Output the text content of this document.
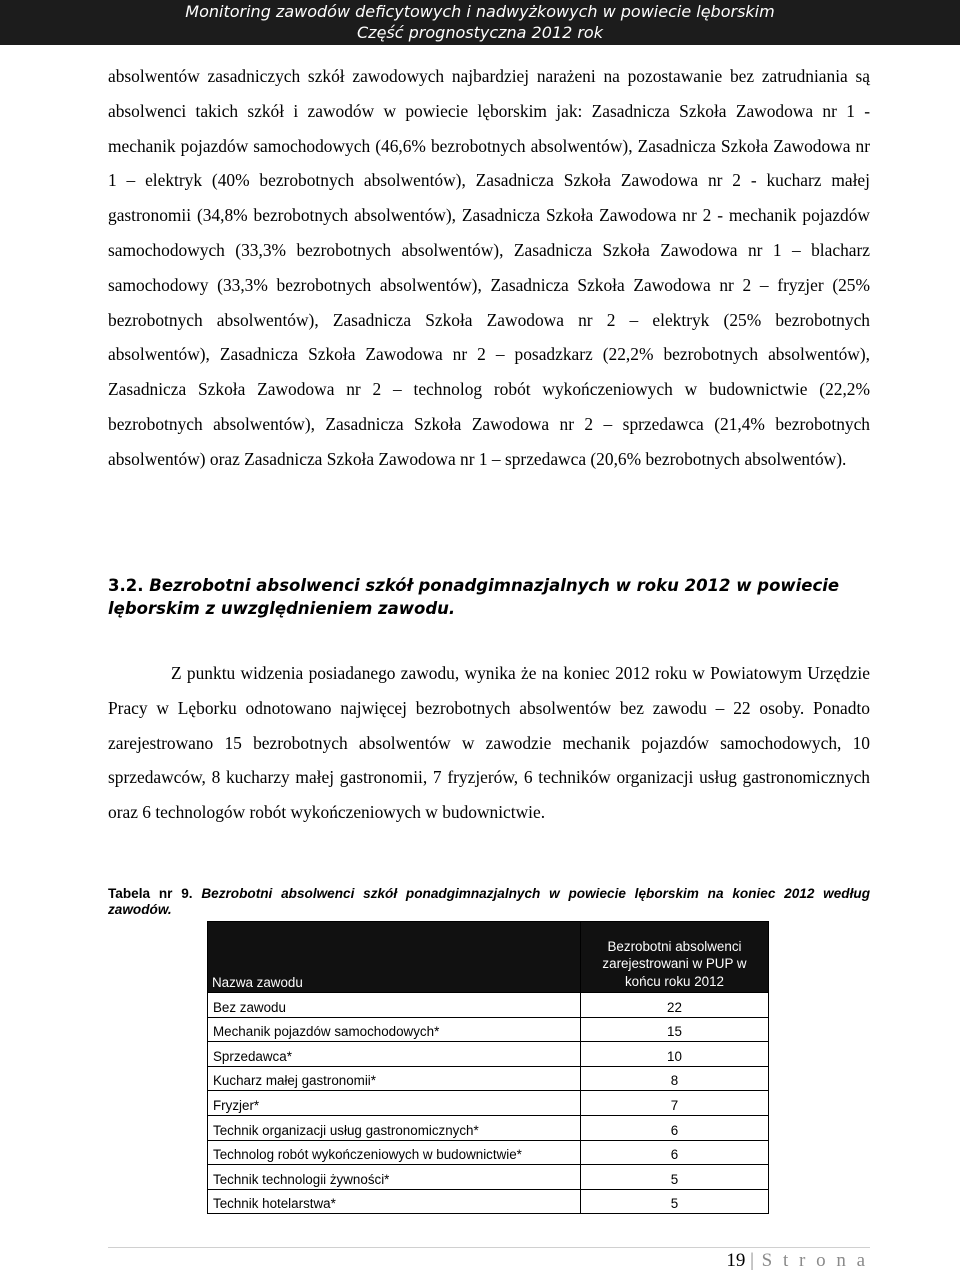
Monitoring zawodów deficytowych i nadwyżkowych w powiecie lęborskim
Część prognostyczna 2012 rok
absolwentów zasadniczych szkół zawodowych najbardziej narażeni na pozostawanie bez zatrudniania są absolwenci takich szkół i zawodów w powiecie lęborskim jak: Zasadnicza Szkoła Zawodowa nr 1 - mechanik pojazdów samochodowych (46,6% bezrobotnych absolwentów), Zasadnicza Szkoła Zawodowa nr 1 – elektryk (40% bezrobotnych absolwentów), Zasadnicza Szkoła Zawodowa nr 2 - kucharz małej gastronomii (34,8% bezrobotnych absolwentów), Zasadnicza Szkoła Zawodowa nr 2 - mechanik pojazdów samochodowych (33,3% bezrobotnych absolwentów), Zasadnicza Szkoła Zawodowa nr 1 – blacharz samochodowy (33,3% bezrobotnych absolwentów), Zasadnicza Szkoła Zawodowa nr 2 – fryzjer (25% bezrobotnych absolwentów), Zasadnicza Szkoła Zawodowa nr 2 – elektryk (25% bezrobotnych absolwentów), Zasadnicza Szkoła Zawodowa nr 2 – posadzkarz (22,2% bezrobotnych absolwentów), Zasadnicza Szkoła Zawodowa nr 2 – technolog robót wykończeniowych w budownictwie (22,2% bezrobotnych absolwentów), Zasadnicza Szkoła Zawodowa nr 2 – sprzedawca (21,4% bezrobotnych absolwentów) oraz Zasadnicza Szkoła Zawodowa nr 1 – sprzedawca (20,6% bezrobotnych absolwentów).
3.2. Bezrobotni absolwenci szkół ponadgimnazjalnych w roku 2012 w powiecie lęborskim z uwzględnieniem zawodu.
Z punktu widzenia posiadanego zawodu, wynika że na koniec 2012 roku w Powiatowym Urzędzie Pracy w Lęborku odnotowano najwięcej bezrobotnych absolwentów bez zawodu – 22 osoby. Ponadto zarejestrowano 15 bezrobotnych absolwentów w zawodzie mechanik pojazdów samochodowych, 10 sprzedawców, 8 kucharzy małej gastronomii, 7 fryzjerów, 6 techników organizacji usług gastronomicznych oraz 6 technologów robót wykończeniowych w budownictwie.
Tabela nr 9. Bezrobotni absolwenci szkół ponadgimnazjalnych w powiecie lęborskim na koniec 2012 według zawodów.
Nazwa zawodu	Bezrobotni absolwenci zarejestrowani w PUP w końcu roku 2012
Bez zawodu	22
Mechanik pojazdów samochodowych*	15
Sprzedawca*	10
Kucharz małej gastronomii*	8
Fryzjer*	7
Technik organizacji usług gastronomicznych*	6
Technolog robót wykończeniowych w budownictwie*	6
Technik technologii żywności*	5
Technik hotelarstwa*	5
19 | S t r o n a
